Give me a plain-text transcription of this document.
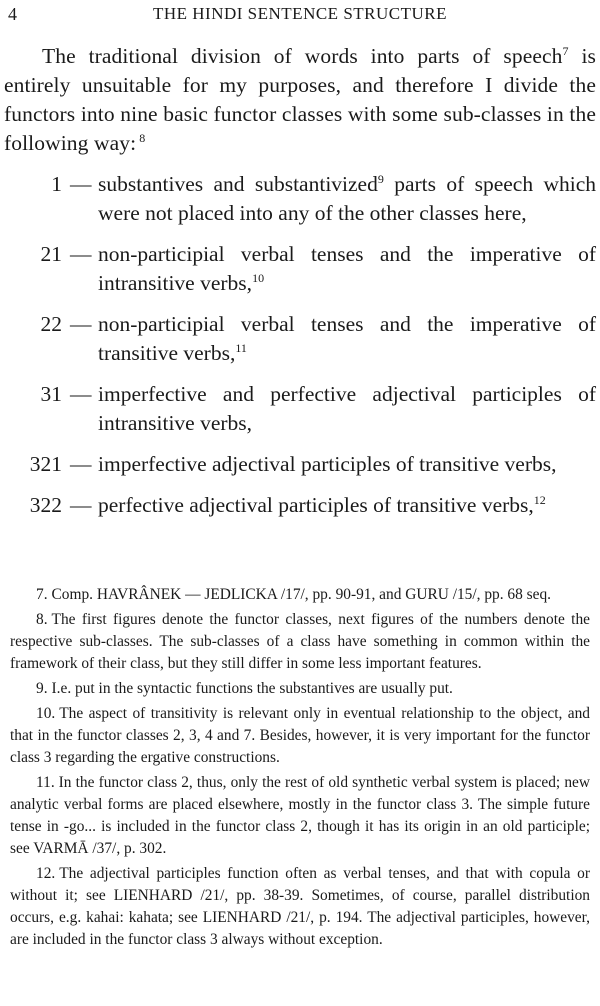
4	THE HINDI SENTENCE STRUCTURE

The traditional division of words into parts of speech$^7$ is entirely unsuitable for my purposes, and therefore I divide the functors into nine basic functor classes with some sub-classes in the following way: $^8$

1 — substantives and substantivized$^9$ parts of speech which were not placed into any of the other classes here,
21 — non-participial verbal tenses and the imperative of intransitive verbs,$^{10}$
22 — non-participial verbal tenses and the imperative of transitive verbs,$^{11}$
31 — imperfective and perfective adjectival participles of intransitive verbs,
321 — imperfective adjectival participles of transitive verbs,
322 — perfective adjectival participles of transitive verbs,$^{12}$

7. Comp. HAVRÂNEK — JEDLICKA /17/, pp. 90-91, and GURU /15/, pp. 68 seq.

8. The first figures denote the functor classes, next figures of the numbers denote the respective sub-classes. The sub-classes of a class have something in common within the framework of their class, but they still differ in some less important features.

9. I.e. put in the syntactic functions the substantives are usually put.

10. The aspect of transitivity is relevant only in eventual relationship to the object, and that in the functor classes 2, 3, 4 and 7. Besides, however, it is very important for the functor class 3 regarding the ergative constructions.

11. In the functor class 2, thus, only the rest of old synthetic verbal system is placed; new analytic verbal forms are placed elsewhere, mostly in the functor class 3. The simple future tense in -go... is included in the functor class 2, though it has its origin in an old participle; see VARMĀ /37/, p. 302.

12. The adjectival participles function often as verbal tenses, and that with copula or without it; see LIENHARD /21/, pp. 38-39. Sometimes, of course, parallel distribution occurs, e.g. kahai: kahata; see LIENHARD /21/, p. 194. The adjectival participles, however, are included in the functor class 3 always without exception.
